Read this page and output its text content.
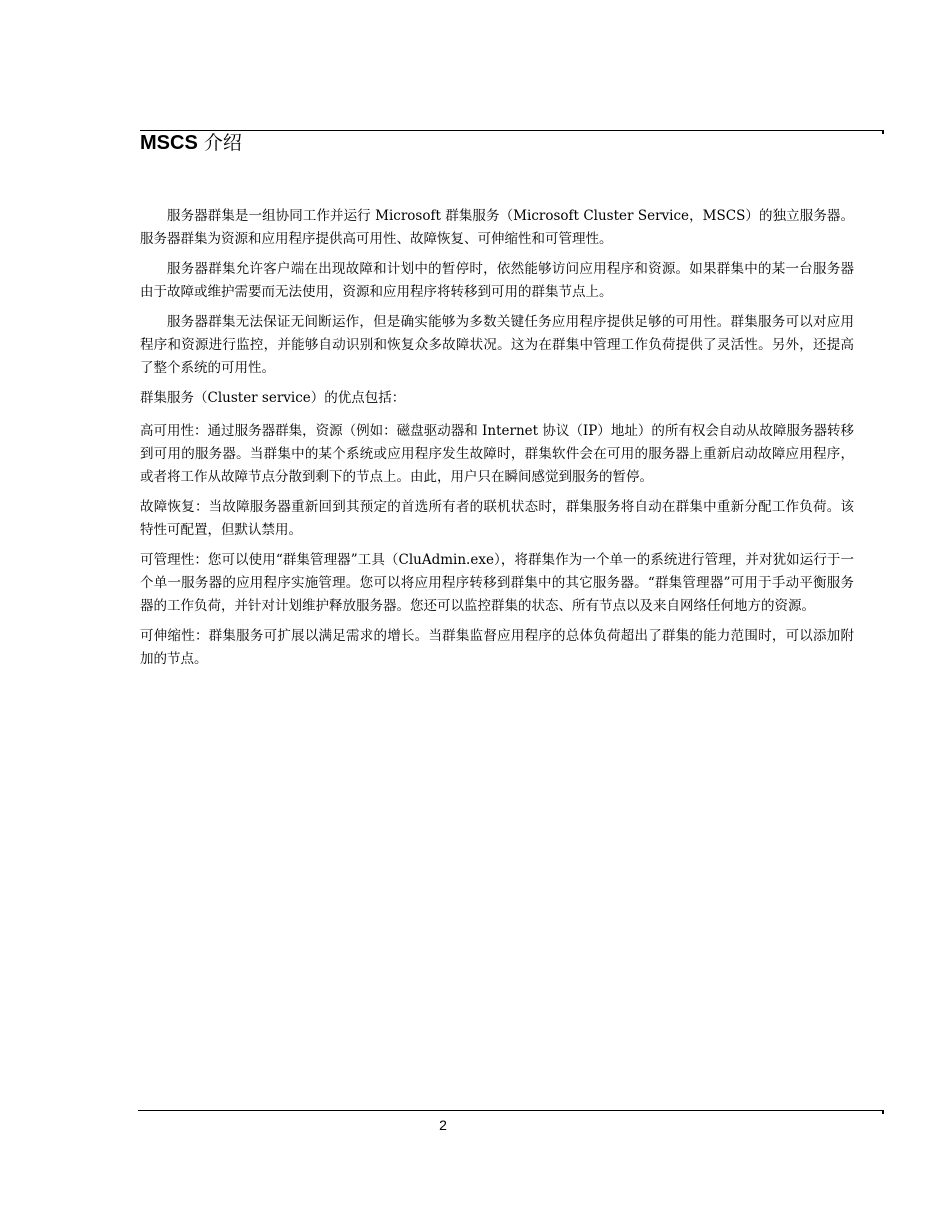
MSCS 介绍

服务器群集是一组协同工作并运行 Microsoft 群集服务（Microsoft Cluster Service，MSCS）的独立服务器。服务器群集为资源和应用程序提供高可用性、故障恢复、可伸缩性和可管理性。

服务器群集允许客户端在出现故障和计划中的暂停时，依然能够访问应用程序和资源。如果群集中的某一台服务器由于故障或维护需要而无法使用，资源和应用程序将转移到可用的群集节点上。

服务器群集无法保证无间断运作，但是确实能够为多数关键任务应用程序提供足够的可用性。群集服务可以对应用程序和资源进行监控，并能够自动识别和恢复众多故障状况。这为在群集中管理工作负荷提供了灵活性。另外，还提高了整个系统的可用性。

群集服务（Cluster service）的优点包括：

高可用性：通过服务器群集，资源（例如：磁盘驱动器和 Internet 协议（IP）地址）的所有权会自动从故障服务器转移到可用的服务器。当群集中的某个系统或应用程序发生故障时，群集软件会在可用的服务器上重新启动故障应用程序，或者将工作从故障节点分散到剩下的节点上。由此，用户只在瞬间感觉到服务的暂停。

故障恢复：当故障服务器重新回到其预定的首选所有者的联机状态时，群集服务将自动在群集中重新分配工作负荷。该特性可配置，但默认禁用。

可管理性：您可以使用“群集管理器”工具（CluAdmin.exe），将群集作为一个单一的系统进行管理，并对犹如运行于一个单一服务器的应用程序实施管理。您可以将应用程序转移到群集中的其它服务器。“群集管理器”可用于手动平衡服务器的工作负荷，并针对计划维护释放服务器。您还可以监控群集的状态、所有节点以及来自网络任何地方的资源。

可伸缩性：群集服务可扩展以满足需求的增长。当群集监督应用程序的总体负荷超出了群集的能力范围时，可以添加附加的节点。

2
